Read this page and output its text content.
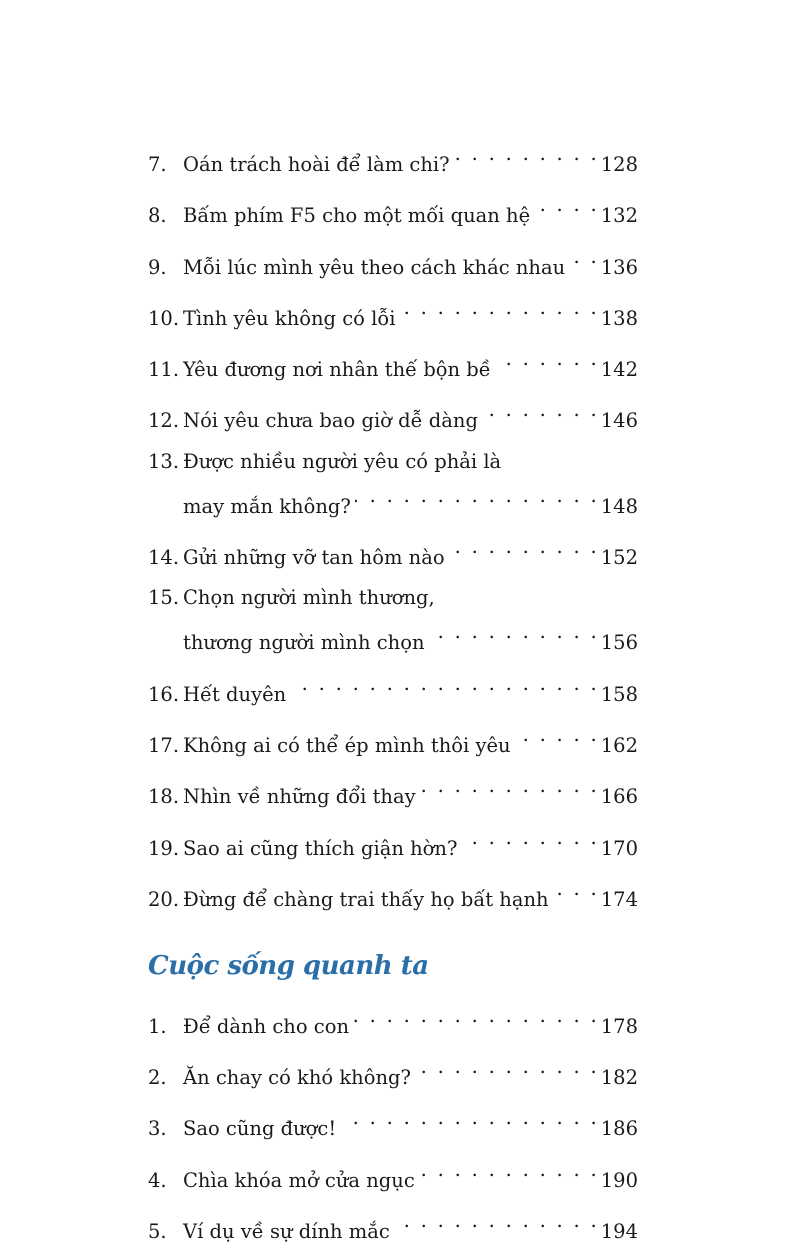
7. Oán trách hoài để làm chi? . . .	128
8. Bấm phím F5 cho một mối quan hệ . . .	132
9. Mỗi lúc mình yêu theo cách khác nhau . . . 136
10. Tình yêu không có lỗi . . .	138
11. Yêu đương nơi nhân thế bộn bề . . .	142
12. Nói yêu chưa bao giờ dễ dàng . . .	146
13. Được nhiều người yêu có phải là
may mắn không? . . .	148
14. Gửi những vỡ tan hôm nào . . .	152
15. Chọn người mình thương,
thương người mình chọn . . .	156
16. Hết duyên . . .	158
17. Không ai có thể ép mình thôi yêu . . .	162
18. Nhìn về những đổi thay . . .	166
19. Sao ai cũng thích giận hờn? . . .	170
20. Đừng để chàng trai thấy họ bất hạnh . . .	174
Cuộc sống quanh ta
1. Để dành cho con . . .	178
2. Ăn chay có khó không? . . .	182
3. Sao cũng được! . . .	186
4. Chìa khóa mở cửa ngục . . .	190
5. Ví dụ về sự dính mắc . . .	194
